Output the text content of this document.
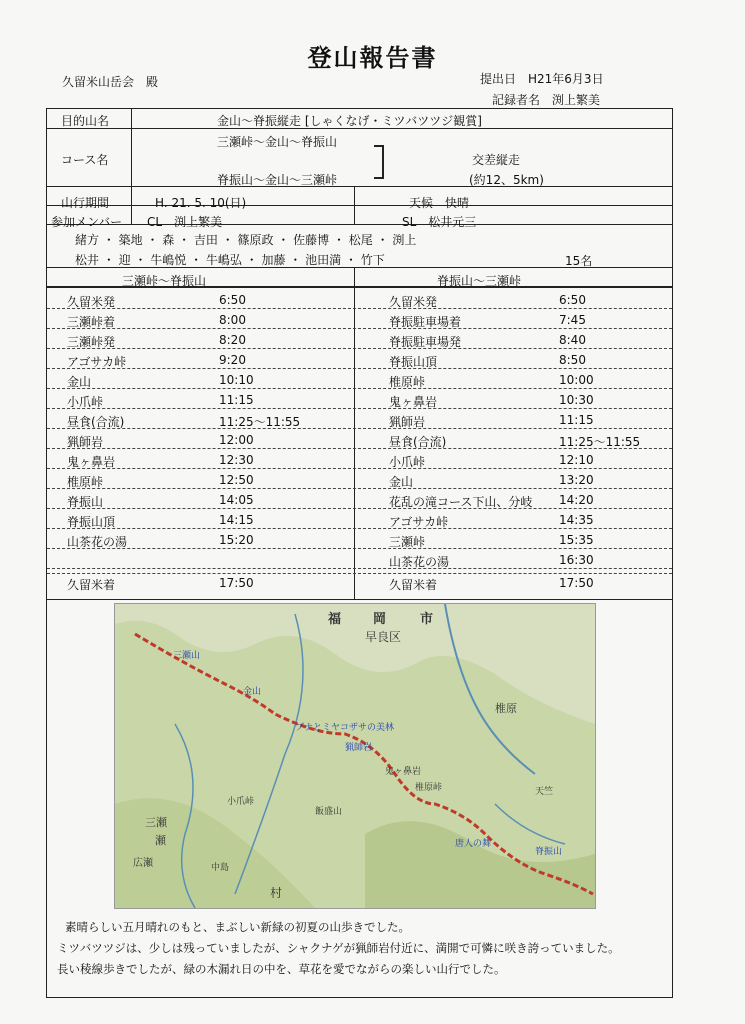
登山報告書
久留米山岳会　殿	提出日　H21年6月3日
記録者名　渕上繁美
目的山名	金山〜脊振縦走 [しゃくなげ・ミツバツツジ観賞]
コース名
三瀬峠〜金山〜脊振山
脊振山〜金山〜三瀬峠
交差縦走
(約12、5km)
山行期間	H. 21. 5. 10(日)	天候　快晴
参加メンバー CL　渕上繁美	SL　松井元三
緒方 ・ 築地 ・ 森 ・ 吉田 ・ 篠原政 ・ 佐藤博 ・ 松尾 ・ 渕上
松井 ・ 迎 ・ 牛嶋悦 ・ 牛嶋弘 ・ 加藤 ・ 池田満 ・ 竹下	15名
三瀬峠〜脊振山	脊振山〜三瀬峠
久留米発	6:50
三瀬峠着	8:00
三瀬峠発	8:20
アゴサカ峠	9:20
金山	10:10
小爪峠	11:15
昼食(合流)	11:25〜11:55
猟師岩	12:00
鬼ヶ鼻岩	12:30
椎原峠	12:50
脊振山	14:05
脊振山頂	14:15
山茶花の湯	15:20
久留米着	17:50
久留米発	6:50
脊振駐車場着	7:45
脊振駐車場発	8:40
脊振山頂	8:50
椎原峠	10:00
鬼ヶ鼻岩	10:30
猟師岩	11:15
昼食(合流)	11:25〜11:55
小爪峠	12:10
金山	13:20
花乱の滝コース下山、分岐 14:20
アゴサカ峠	14:35
三瀬峠	15:35
山茶花の湯	16:30
久留米着	17:50
素晴らしい五月晴れのもと、まぶしい新緑の初夏の山歩きでした。
ミツバツツジは、少しは残っていましたが、シャクナゲが猟師岩付近に、満開で可憐に咲き誇っていました。
長い稜線歩きでしたが、緑の木漏れ日の中を、草花を愛でながらの楽しい山行でした。
福 岡	市
早良区
三瀬山
金山
椎原
ブナとミヤコザサの美林
三瀬
脊振山
小爪峠
猟師岩
鬼ヶ鼻岩
唐人の舞
椎原峠	天竺
広瀬
瀬
村
中島
飯盛山
